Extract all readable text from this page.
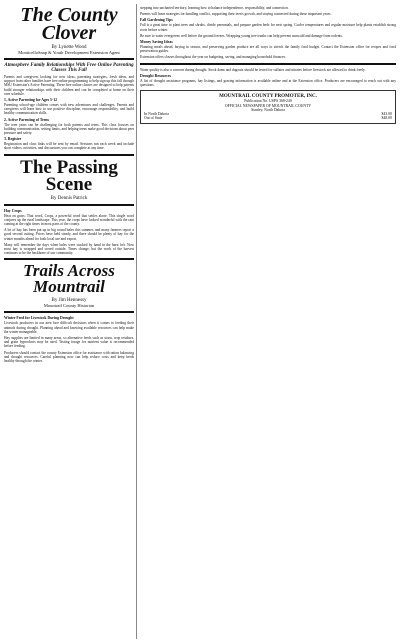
The County Clover
By Lynette Wood
MonticelloSnap & Youth Development Extension Agent
Atmosphere Family Relationships With Free Online Parenting Classes This Fall

Parents and caregivers looking for new ideas, parenting strategies, fresh ideas, and support from other families have free online programming to help sign up this fall through MSU Extension's Active Parenting. These free online classes are designed to help parents build stronger relationships with their children and can be completed at home on their own schedule.

1. Active Parenting for Ages 5-12

Parenting school-age children comes with new adventures and challenges. Parents and caregivers will learn how to use positive discipline, encourage responsibility, and build healthy communication skills.

2. Active Parenting of Teens

The teen years can be challenging for both parents and teens. This class focuses on building communication, setting limits, and helping teens make good decisions about peer pressure and safety.

3. Register

Registration and class links will be sent by email. Sessions run each week and include short videos, activities, and discussions you can complete at any time.

The Passing Scene
By Dennis Patrick
Hay Crops

Heat on grass: That word, Crops, a powerful word that settles alone. This single word conjures up the rural landscape. This year, the crops have looked wonderful with the rain coming at the right times in most parts of the county.

A lot of hay has been put up in big round bales this summer, and many farmers report a good second cutting. Prices have held steady, and there should be plenty of hay for the winter months ahead for both local use and export.

Many will remember the days when bales were stacked by hand in the barn loft. Now most hay is wrapped and stored outside. Times change, but the work of the harvest continues to be the backbone of our community.

Trails Across Mountrail
By Jim Hennessy
Mountrail County Historian
Winter Feed for Livestock During Drought

Livestock producers in our area face difficult decisions when it comes to feeding their animals during drought. Planning ahead and knowing available resources can help make the winter manageable.

Hay supplies are limited in many areas, so alternative feeds such as straw, crop residues, and grain byproducts may be used. Testing forage for nutrient value is recommended before feeding.

Producers should contact the county Extension office for assistance with ration balancing and drought resources. Careful planning now can help reduce costs and keep herds healthy through the winter.

stepping into uncharted territory, learning how to balance independence, responsibility, and connection.

Parents will learn strategies for handling conflict, supporting their teen's growth, and staying connected during these important years.

Fall Gardening Tips

Fall is a great time to plant trees and shrubs, divide perennials, and prepare garden beds for next spring. Cooler temperatures and regular moisture help plants establish strong roots before winter.

Be sure to water evergreens well before the ground freezes. Wrapping young tree trunks can help prevent sunscald and damage from rodents.

Money Saving Ideas

Planning meals ahead, buying in season, and preserving garden produce are all ways to stretch the family food budget. Contact the Extension office for recipes and food preservation guides.

Extension offers classes throughout the year on budgeting, saving, and managing household finances.

Water quality is also a concern during drought. Stock dams and dugouts should be tested for sulfates and nitrates before livestock are allowed to drink freely.

Drought Resources

A list of drought assistance programs, hay listings, and grazing information is available online and at the Extension office. Producers are encouraged to reach out with any questions.

MOUNTRAIL COUNTY PROMOTER, INC.
Publication No. USPS 368-240
OFFICIAL NEWSPAPER OF MOUNTRAIL COUNTY
Stanley, North Dakota
In North Dakota	$43.00
Out of State	$48.00
